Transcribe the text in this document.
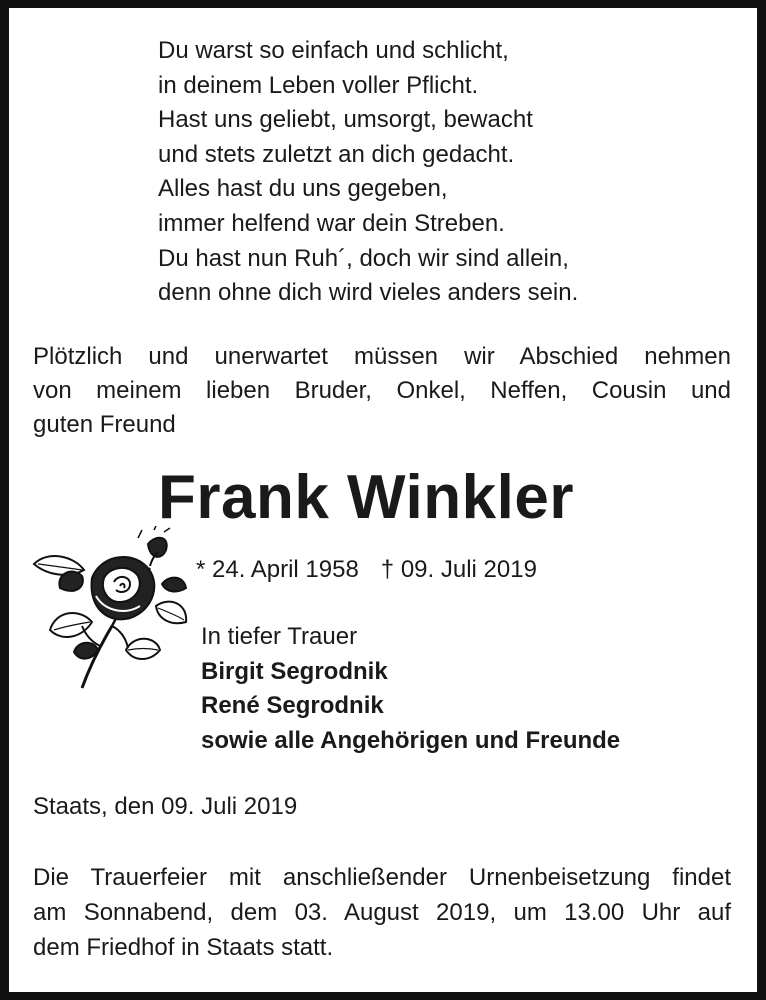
Du warst so einfach und schlicht,
in deinem Leben voller Pflicht.
Hast uns geliebt, umsorgt, bewacht
und stets zuletzt an dich gedacht.
Alles hast du uns gegeben,
immer helfend war dein Streben.
Du hast nun Ruh´, doch wir sind allein,
denn ohne dich wird vieles anders sein.
Plötzlich und unerwartet müssen wir Abschied nehmen
von meinem lieben Bruder, Onkel, Neffen, Cousin und
guten Freund
Frank Winkler
* 24. April 1958 † 09. Juli 2019
In tiefer Trauer
Birgit Segrodnik
René Segrodnik
sowie alle Angehörigen und Freunde
Staats, den 09. Juli 2019
Die Trauerfeier mit anschließender Urnenbeisetzung findet
am Sonnabend, dem 03. August 2019, um 13.00 Uhr auf
dem Friedhof in Staats statt.
